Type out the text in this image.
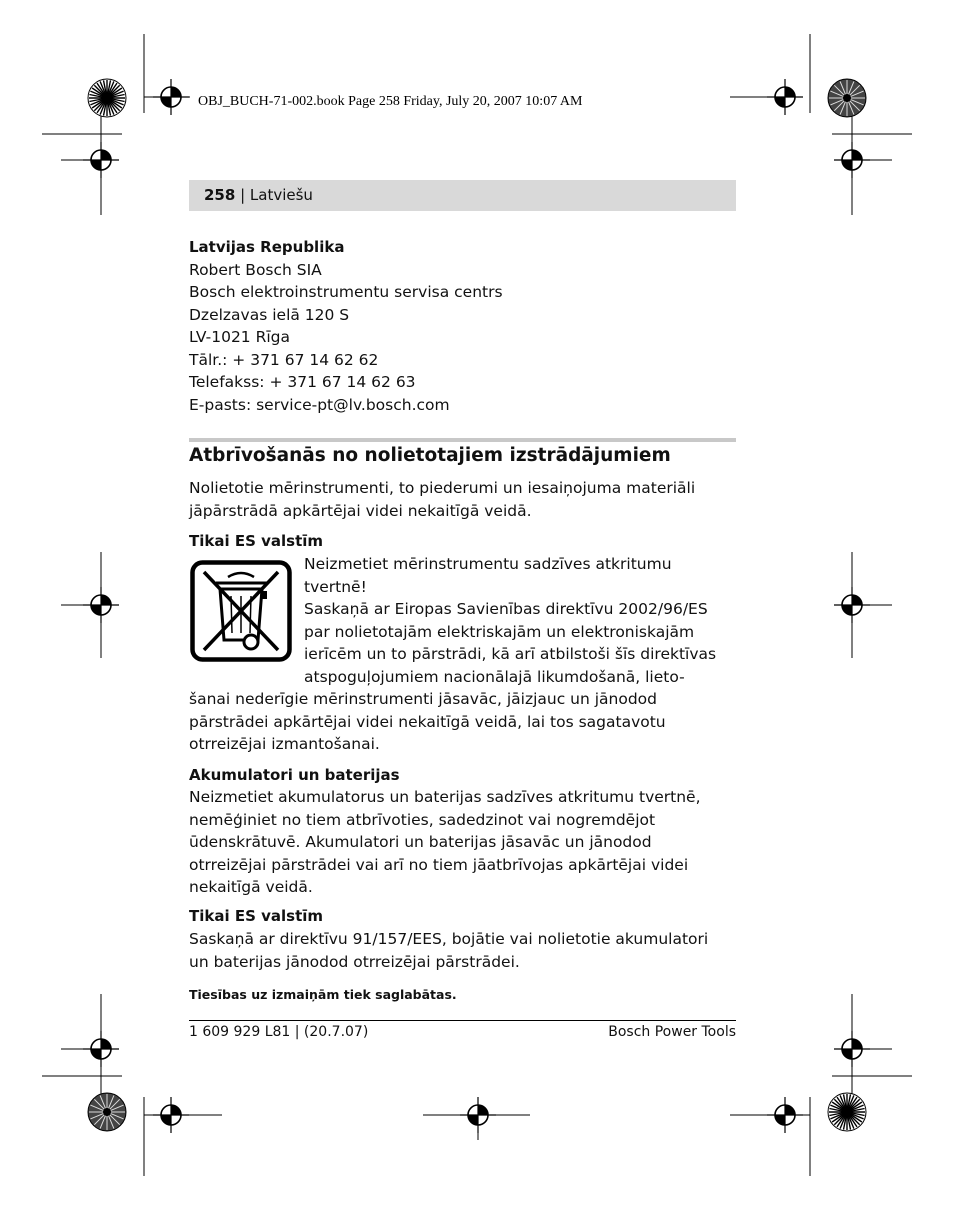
OBJ_BUCH-71-002.book Page 258 Friday, July 20, 2007 10:07 AM
258 | Latviešu
Latvijas Republika
Robert Bosch SIA
Bosch elektroinstrumentu servisa centrs
Dzelzavas ielā 120 S
LV-1021 Rīga
Tālr.: + 371 67 14 62 62
Telefakss: + 371 67 14 62 63
E-pasts: service-pt@lv.bosch.com
Atbrīvošanās no nolietotajiem izstrādājumiem
Nolietotie mērinstrumenti, to piederumi un iesaiņojuma materiāli
jāpārstrādā apkārtējai videi nekaitīgā veidā.
Tikai ES valstīm
Neizmetiet mērinstrumentu sadzīves atkritumu
tvertnē!
Saskaņā ar Eiropas Savienības direktīvu 2002/96/ES
par nolietotajām elektriskajām un elektroniskajām
ierīcēm un to pārstrādi, kā arī atbilstoši šīs direktīvas
atspoguļojumiem nacionālajā likumdošanā, lieto-
šanai nederīgie mērinstrumenti jāsavāc, jāizjauc un jānodod
pārstrādei apkārtējai videi nekaitīgā veidā, lai tos sagatavotu
otrreizējai izmantošanai.
Akumulatori un baterijas
Neizmetiet akumulatorus un baterijas sadzīves atkritumu tvertnē,
nemēģiniet no tiem atbrīvoties, sadedzinot vai nogremdējot
ūdenskrātuvē. Akumulatori un baterijas jāsavāc un jānodod
otrreizējai pārstrādei vai arī no tiem jāatbrīvojas apkārtējai videi
nekaitīgā veidā.
Tikai ES valstīm
Saskaņā ar direktīvu 91/157/EES, bojātie vai nolietotie akumulatori
un baterijas jānodod otrreizējai pārstrādei.
Tiesības uz izmaiņām tiek saglabātas.
1 609 929 L81 | (20.7.07)	Bosch Power Tools
